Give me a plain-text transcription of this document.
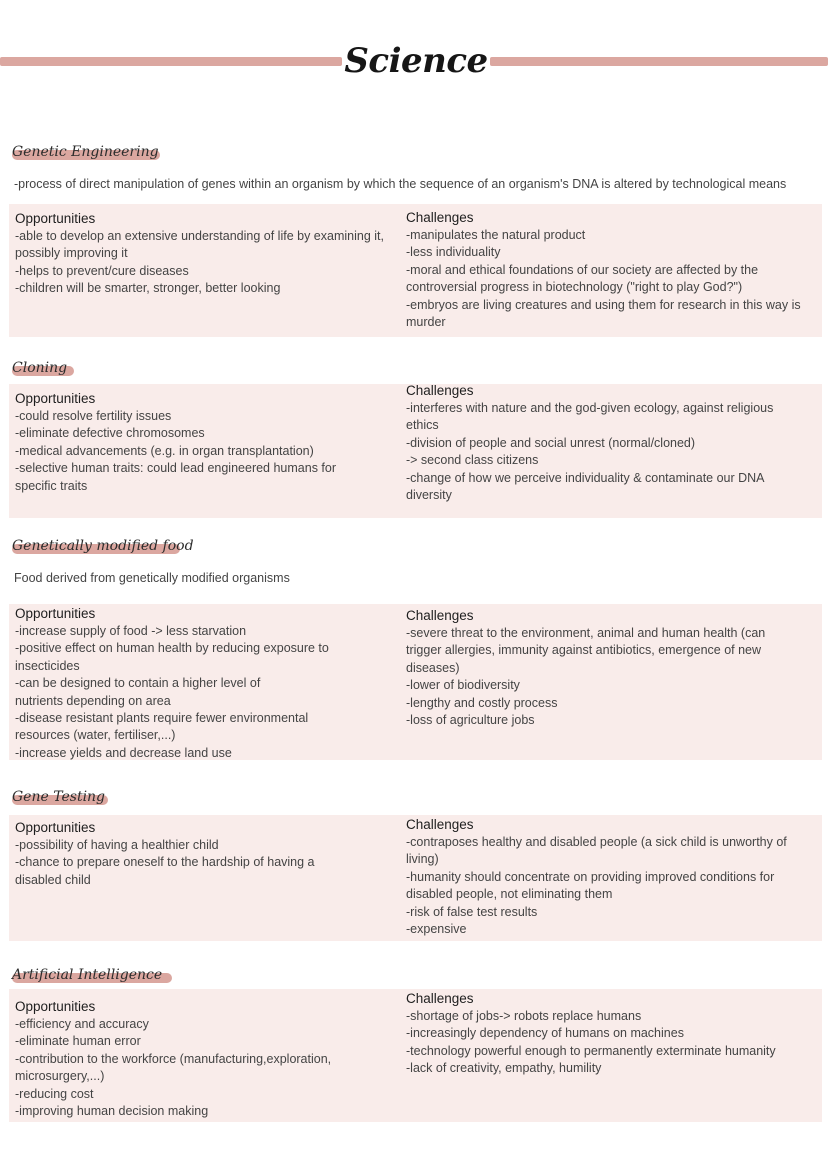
Science
Genetic Engineering
-process of direct manipulation of genes within an organism by which the sequence of an organism's DNA is altered by technological means
Opportunities
-able to develop an extensive understanding of life by examining it,
possibly improving it
-helps to prevent/cure diseases
-children will be smarter, stronger, better looking
Challenges
-manipulates the natural product
-less individuality
-moral and ethical foundations of our society are affected by the
controversial progress in biotechnology ("right to play God?")
-embryos are living creatures and using them for research in this way is
murder
Cloning
Opportunities
-could resolve fertility issues
-eliminate defective chromosomes
-medical advancements (e.g. in organ transplantation)
-selective human traits: could lead engineered humans for
specific traits
Challenges
-interferes with nature and the god-given ecology, against religious
ethics
-division of people and social unrest (normal/cloned)
-> second class citizens
-change of how we perceive individuality & contaminate our DNA
diversity
Genetically modified food
Food derived from genetically modified organisms
Opportunities
-increase supply of food -> less starvation
-positive effect on human health by reducing exposure to
insecticides
-can be designed to contain a higher level of
nutrients depending on area
-disease resistant plants require fewer environmental
resources (water, fertiliser,...)
-increase yields and decrease land use
Challenges
-severe threat to the environment, animal and human health (can
trigger allergies, immunity against antibiotics, emergence of new
diseases)
-lower of biodiversity
-lengthy and costly process
-loss of agriculture jobs
Gene Testing
Opportunities
-possibility of having a healthier child
-chance to prepare oneself to the hardship of having a
disabled child
Challenges
-contraposes healthy and disabled people (a sick child is unworthy of
living)
-humanity should concentrate on providing improved conditions for
disabled people, not eliminating them
-risk of false test results
-expensive
Artificial Intelligence
Opportunities
-efficiency and accuracy
-eliminate human error
-contribution to the workforce (manufacturing,exploration,
microsurgery,...)
-reducing cost
-improving human decision making
Challenges
-shortage of jobs-> robots replace humans
-increasingly dependency of humans on machines
-technology powerful enough to permanently exterminate humanity
-lack of creativity, empathy, humility
